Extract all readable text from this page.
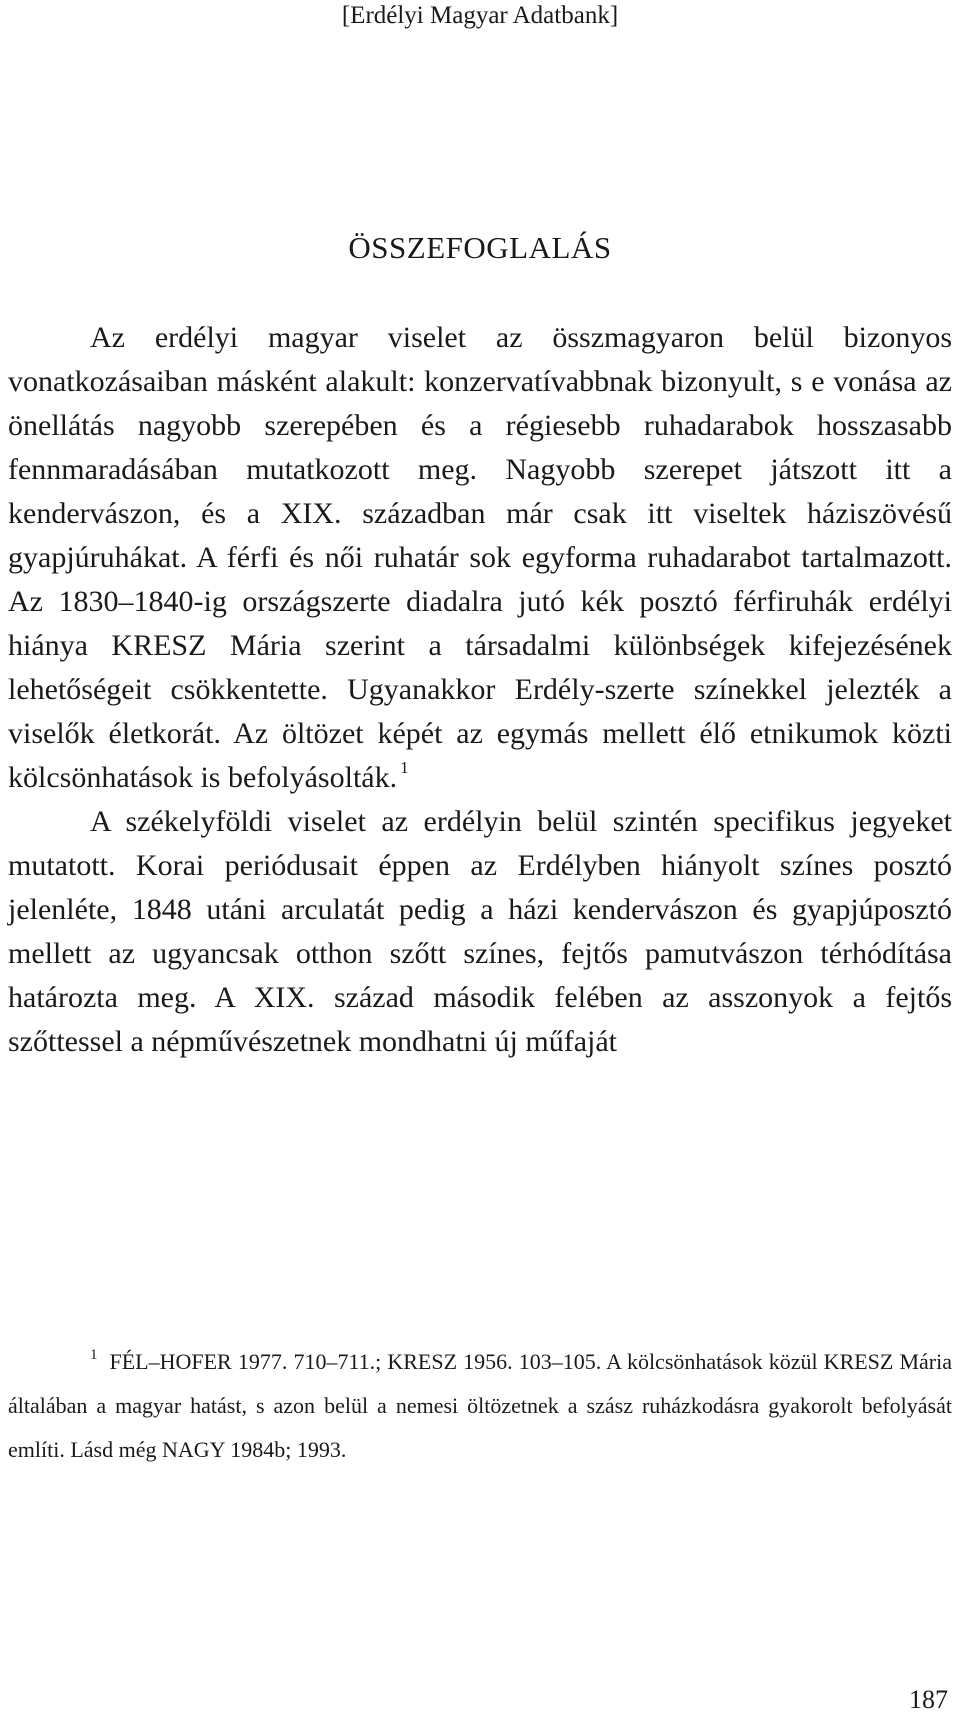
[Erdélyi Magyar Adatbank]
ÖSSZEFOGLALÁS

Az erdélyi magyar viselet az összmagyaron belül bizonyos vonatkozásaiban másként alakult: konzervatívabbnak bizonyult, s e vonása az önellátás nagyobb szerepében és a régiesebb ruhadarabok hosszasabb fennmaradásában mutatkozott meg. Nagyobb szerepet játszott itt a kendervászon, és a XIX. században már csak itt viseltek háziszövésű gyapjúruhákat. A férfi és női ruhatár sok egyforma ruhadarabot tartalmazott. Az 1830–1840-ig országszerte diadalra jutó kék posztó férfiruhák erdélyi hiánya KRESZ Mária szerint a társadalmi különbségek kifejezésének lehetőségeit csökkentette. Ugyanakkor Erdély-szerte színekkel jelezték a viselők életkorát. Az öltözet képét az egymás mellett élő etnikumok közti kölcsönhatások is befolyásolták. $^1$

A székelyföldi viselet az erdélyin belül szintén specifikus jegyeket mutatott. Korai periódusait éppen az Erdélyben hiányolt színes posztó jelenléte, 1848 utáni arculatát pedig a házi kendervászon és gyapjúposztó mellett az ugyancsak otthon szőtt színes, fejtős pamutvászon térhódítása határozta meg. A XIX. század második felében az asszonyok a fejtős szőttessel a népművészetnek mondhatni új műfaját

$^1$ FÉL–HOFER 1977. 710–711.; KRESZ 1956. 103–105. A kölcsönhatások közül KRESZ Mária általában a magyar hatást, s azon belül a nemesi öltözetnek a szász ruházkodásra gyakorolt befolyását említi. Lásd még NAGY 1984b; 1993.

187
